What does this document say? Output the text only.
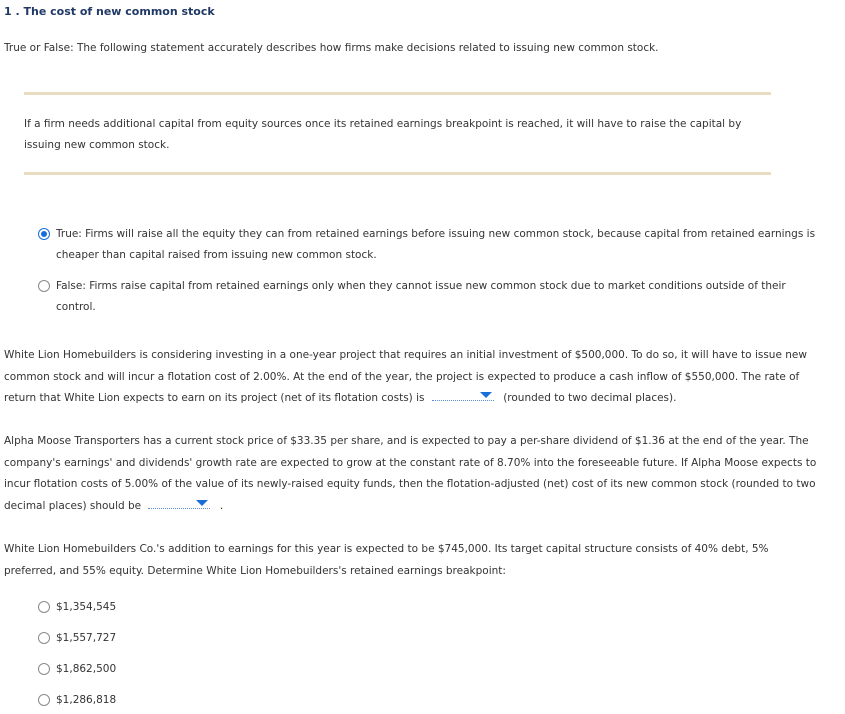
1 . The cost of new common stock
True or False: The following statement accurately describes how firms make decisions related to issuing new common stock.
If a firm needs additional capital from equity sources once its retained earnings breakpoint is reached, it will have to raise the capital by issuing new common stock.
True: Firms will raise all the equity they can from retained earnings before issuing new common stock, because capital from retained earnings is cheaper than capital raised from issuing new common stock.
False: Firms raise capital from retained earnings only when they cannot issue new common stock due to market conditions outside of their control.
White Lion Homebuilders is considering investing in a one-year project that requires an initial investment of $500,000. To do so, it will have to issue new common stock and will incur a flotation cost of 2.00%. At the end of the year, the project is expected to produce a cash inflow of $550,000. The rate of return that White Lion expects to earn on its project (net of its flotation costs) is	(rounded to two decimal places).
Alpha Moose Transporters has a current stock price of $33.35 per share, and is expected to pay a per-share dividend of $1.36 at the end of the year. The company's earnings' and dividends' growth rate are expected to grow at the constant rate of 8.70% into the foreseeable future. If Alpha Moose expects to incur flotation costs of 5.00% of the value of its newly-raised equity funds, then the flotation-adjusted (net) cost of its new common stock (rounded to two decimal places) should be	.
White Lion Homebuilders Co.'s addition to earnings for this year is expected to be $745,000. Its target capital structure consists of 40% debt, 5% preferred, and 55% equity. Determine White Lion Homebuilders's retained earnings breakpoint:
$1,354,545
$1,557,727
$1,862,500
$1,286,818
